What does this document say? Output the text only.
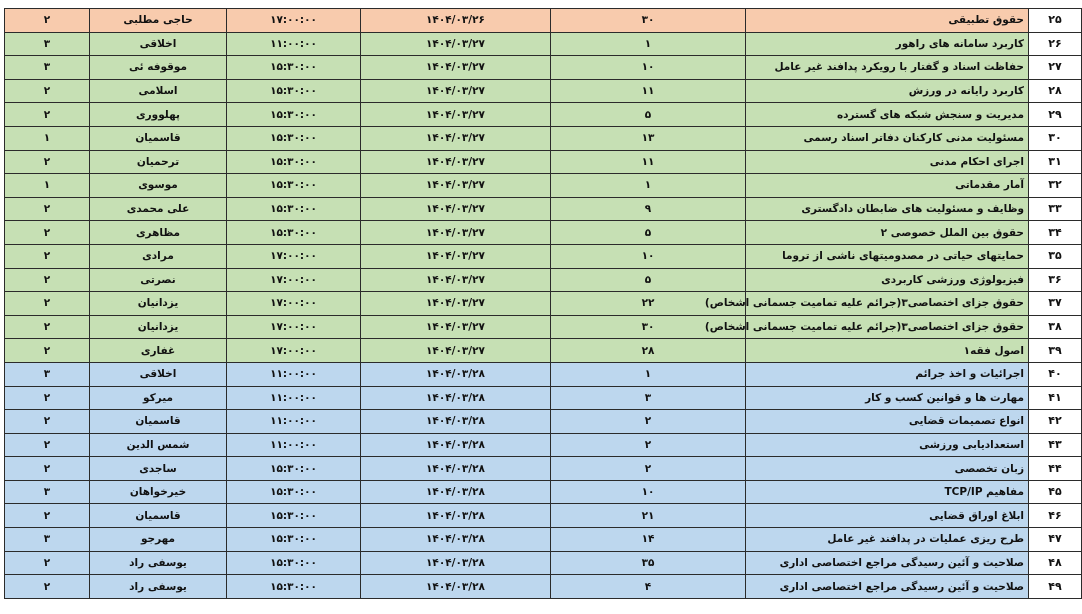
۲۵	حقوق تطبیقی	۳۰	۱۴۰۴/۰۳/۲۶	۱۷:۰۰:۰۰	حاجی مطلبی	۲
۲۶	کاربرد سامانه های راهور	۱	۱۴۰۴/۰۳/۲۷	۱۱:۰۰:۰۰	اخلاقی	۳
۲۷	حفاظت اسناد و گفتار با رویکرد پدافند غیر عامل	۱۰	۱۴۰۴/۰۳/۲۷	۱۵:۳۰:۰۰	موقوفه ئی	۳
۲۸	کاربرد رایانه در ورزش	۱۱	۱۴۰۴/۰۳/۲۷	۱۵:۳۰:۰۰	اسلامی	۲
۲۹	مدیریت و سنجش شبکه های گسترده	۵	۱۴۰۴/۰۳/۲۷	۱۵:۳۰:۰۰	پهلووری	۲
۳۰	مسئولیت مدنی کارکنان دفاتر اسناد رسمی	۱۳	۱۴۰۴/۰۳/۲۷	۱۵:۳۰:۰۰	قاسمیان	۱
۳۱	اجرای احکام مدنی	۱۱	۱۴۰۴/۰۳/۲۷	۱۵:۳۰:۰۰	ترحمیان	۲
۳۲	آمار مقدماتی	۱	۱۴۰۴/۰۳/۲۷	۱۵:۳۰:۰۰	موسوی	۱
۳۳	وظایف و مسئولیت های ضابطان دادگستری	۹	۱۴۰۴/۰۳/۲۷	۱۵:۳۰:۰۰	علی محمدی	۲
۳۴	حقوق بین الملل خصوصی ۲	۵	۱۴۰۴/۰۳/۲۷	۱۵:۳۰:۰۰	مظاهری	۲
۳۵	حمایتهای حیاتی در مصدومیتهای ناشی از تروما	۱۰	۱۴۰۴/۰۳/۲۷	۱۷:۰۰:۰۰	مرادی	۲
۳۶	فیزیولوژی ورزشی کاربردی	۵	۱۴۰۴/۰۳/۲۷	۱۷:۰۰:۰۰	نصرتی	۲
۳۷	حقوق جزای اختصاصی۳(جرائم علیه تمامیت جسمانی اشخاص)	۲۲	۱۴۰۴/۰۳/۲۷	۱۷:۰۰:۰۰	یزدانیان	۲
۳۸	حقوق جزای اختصاصی۳(جرائم علیه تمامیت جسمانی اشخاص)	۳۰	۱۴۰۴/۰۳/۲۷	۱۷:۰۰:۰۰	یزدانیان	۲
۳۹	اصول فقه۱	۲۸	۱۴۰۴/۰۳/۲۷	۱۷:۰۰:۰۰	غفاری	۲
۴۰	اجرائیات و اخذ جرائم	۱	۱۴۰۴/۰۳/۲۸	۱۱:۰۰:۰۰	اخلاقی	۳
۴۱	مهارت ها و قوانین کسب و کار	۳	۱۴۰۴/۰۳/۲۸	۱۱:۰۰:۰۰	میرکو	۲
۴۲	انواع تصمیمات قضایی	۲	۱۴۰۴/۰۳/۲۸	۱۱:۰۰:۰۰	قاسمیان	۲
۴۳	استعدادیابی ورزشی	۲	۱۴۰۴/۰۳/۲۸	۱۱:۰۰:۰۰	شمس الدین	۲
۴۴	زبان تخصصی	۲	۱۴۰۴/۰۳/۲۸	۱۵:۳۰:۰۰	ساجدی	۲
۴۵	مفاهیم TCP/IP	۱۰	۱۴۰۴/۰۳/۲۸	۱۵:۳۰:۰۰	خیرخواهان	۳
۴۶	ابلاغ اوراق قضایی	۲۱	۱۴۰۴/۰۳/۲۸	۱۵:۳۰:۰۰	قاسمیان	۲
۴۷	طرح ریزی عملیات در پدافند غیر عامل	۱۴	۱۴۰۴/۰۳/۲۸	۱۵:۳۰:۰۰	مهرجو	۳
۴۸	صلاحیت و آئین رسیدگی مراجع اختصاصی اداری	۳۵	۱۴۰۴/۰۳/۲۸	۱۵:۳۰:۰۰	یوسفی راد	۲
۴۹	صلاحیت و آئین رسیدگی مراجع اختصاصی اداری	۴	۱۴۰۴/۰۳/۲۸	۱۵:۳۰:۰۰	یوسفی راد	۲
